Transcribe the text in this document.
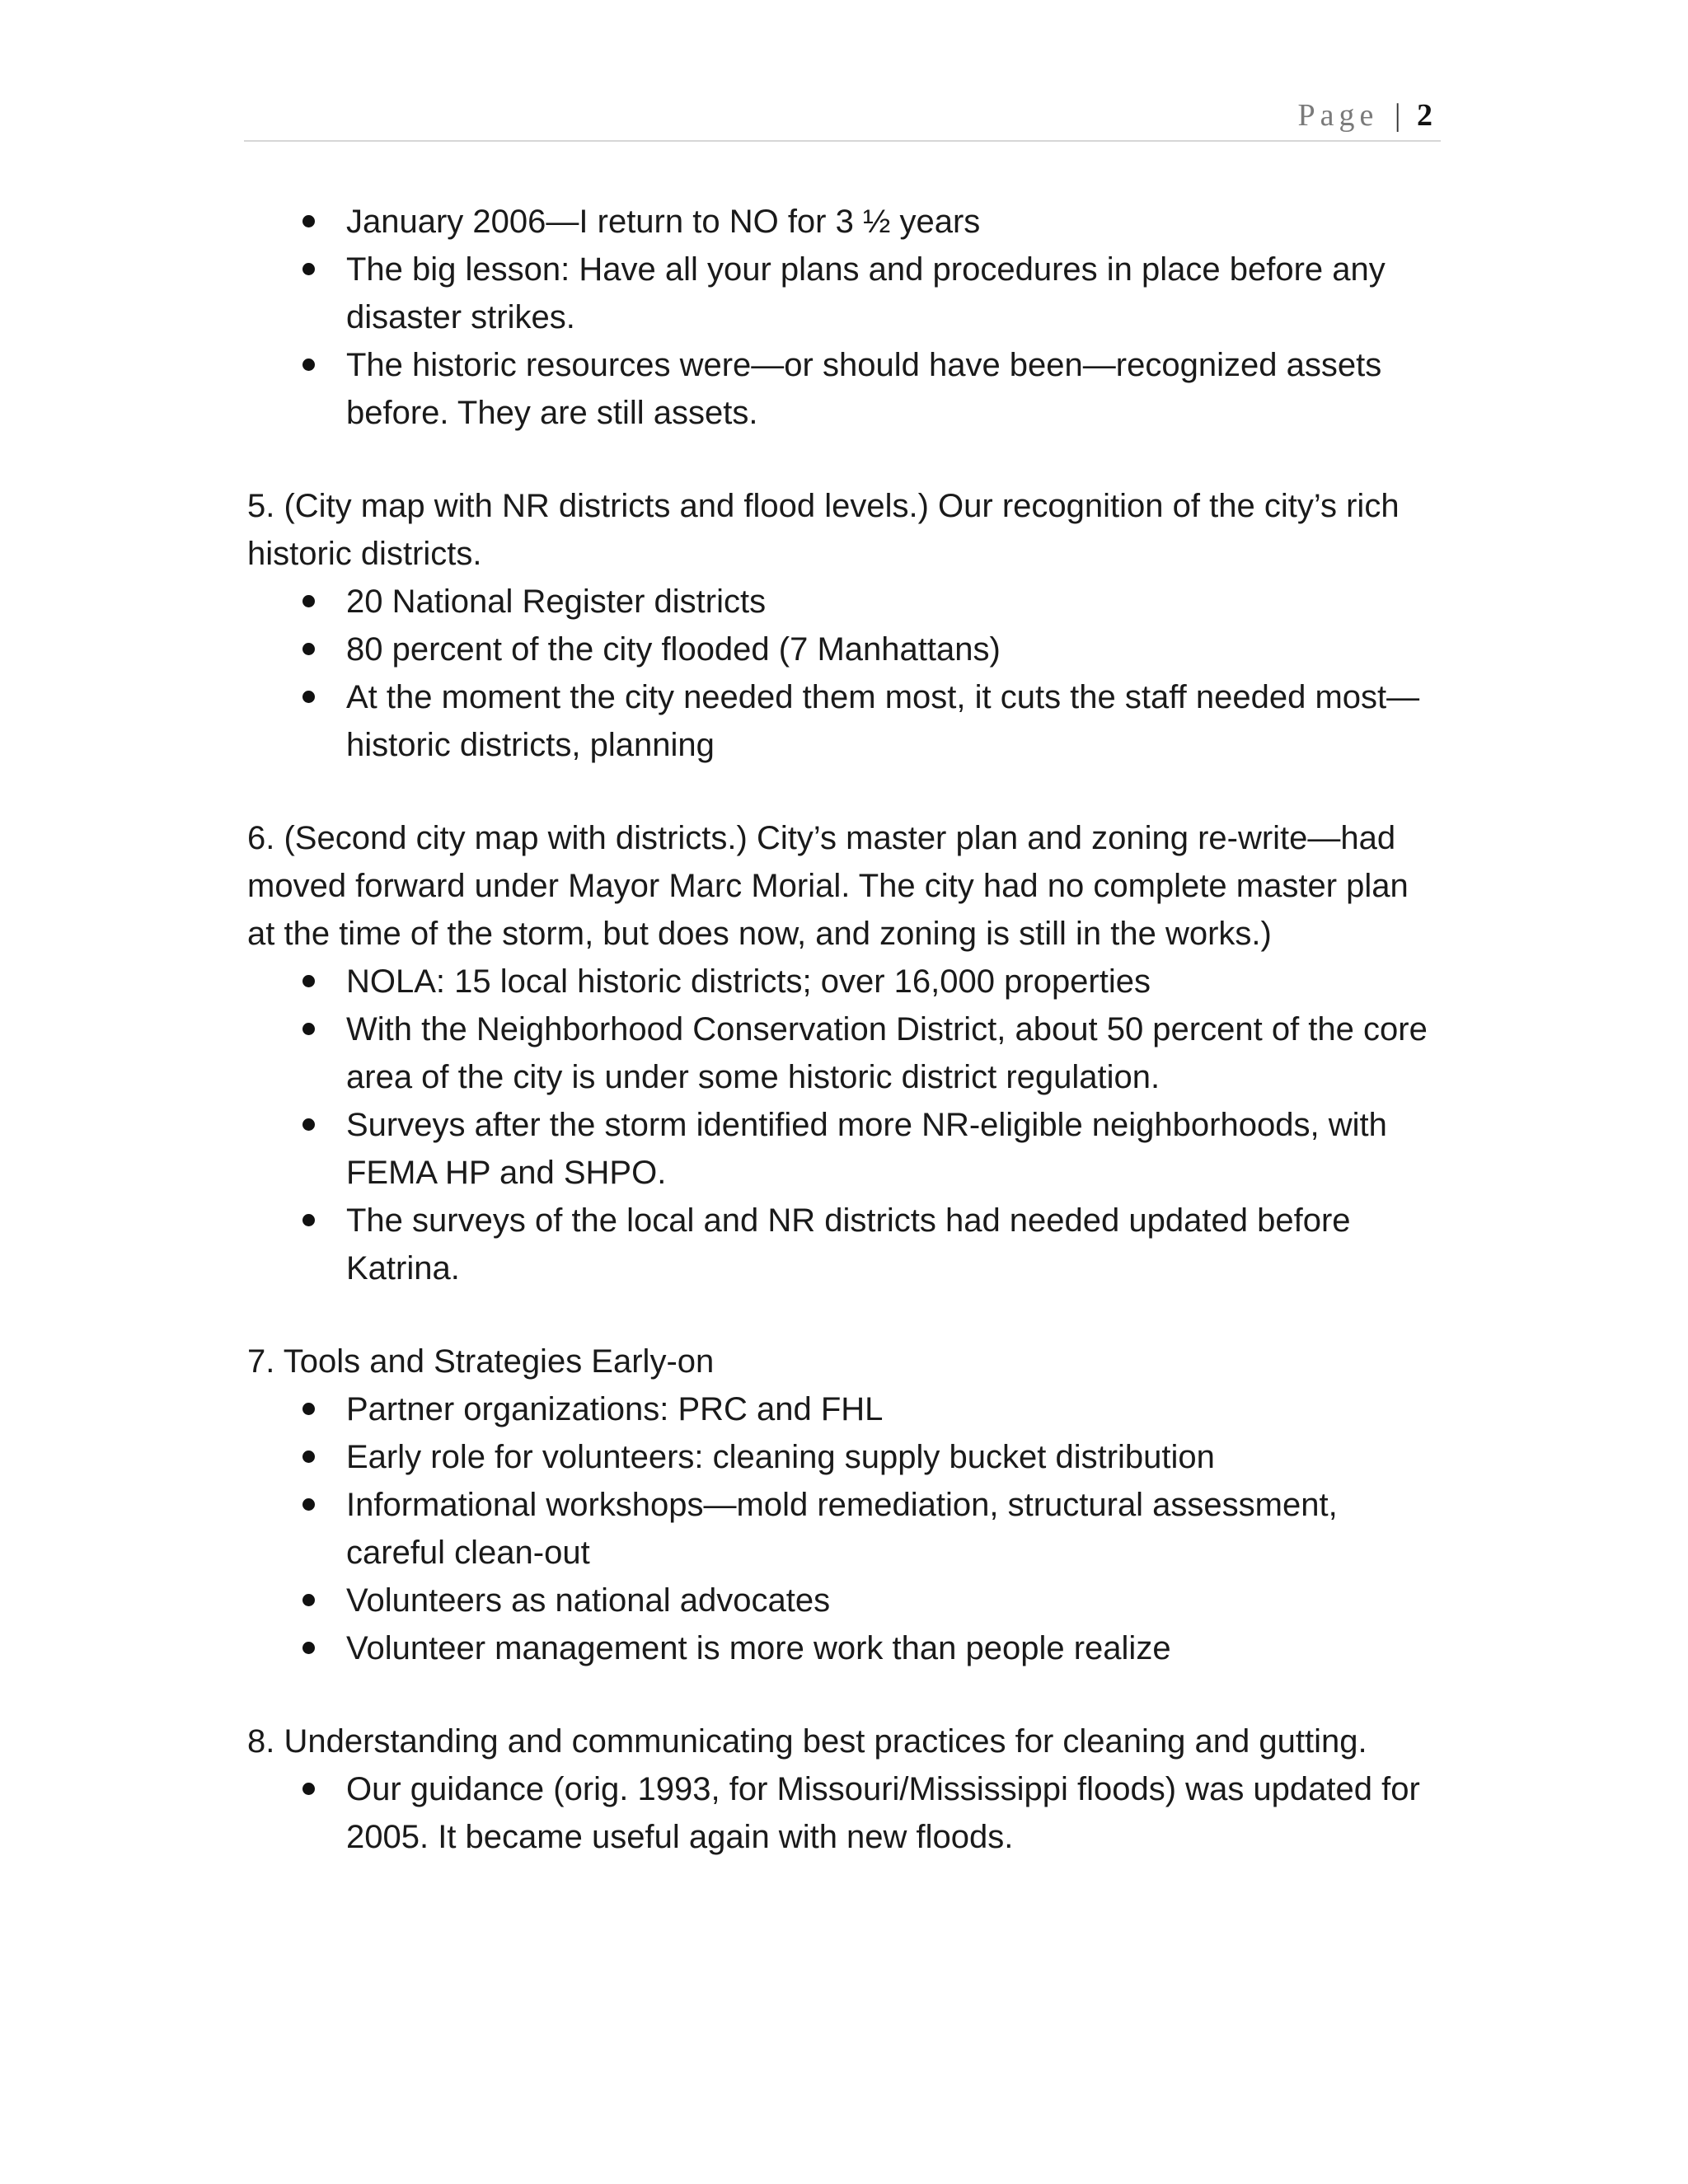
Page | 2
January 2006—I return to NO for 3 ½ years
The big lesson: Have all your plans and procedures in place before any disaster strikes.
The historic resources were—or should have been—recognized assets before. They are still assets.

5. (City map with NR districts and flood levels.) Our recognition of the city’s rich historic districts.

20 National Register districts
80 percent of the city flooded (7 Manhattans)
At the moment the city needed them most, it cuts the staff needed most—historic districts, planning

6. (Second city map with districts.) City’s master plan and zoning re-write—had moved forward under Mayor Marc Morial. The city had no complete master plan at the time of the storm, but does now, and zoning is still in the works.)

NOLA: 15 local historic districts; over 16,000 properties
With the Neighborhood Conservation District, about 50 percent of the core area of the city is under some historic district regulation.
Surveys after the storm identified more NR-eligible neighborhoods, with FEMA HP and SHPO.
The surveys of the local and NR districts had needed updated before Katrina.

7. Tools and Strategies Early-on

Partner organizations: PRC and FHL
Early role for volunteers: cleaning supply bucket distribution
Informational workshops—mold remediation, structural assessment, careful clean-out
Volunteers as national advocates
Volunteer management is more work than people realize

8. Understanding and communicating best practices for cleaning and gutting.

Our guidance (orig. 1993, for Missouri/Mississippi floods) was updated for 2005. It became useful again with new floods.
